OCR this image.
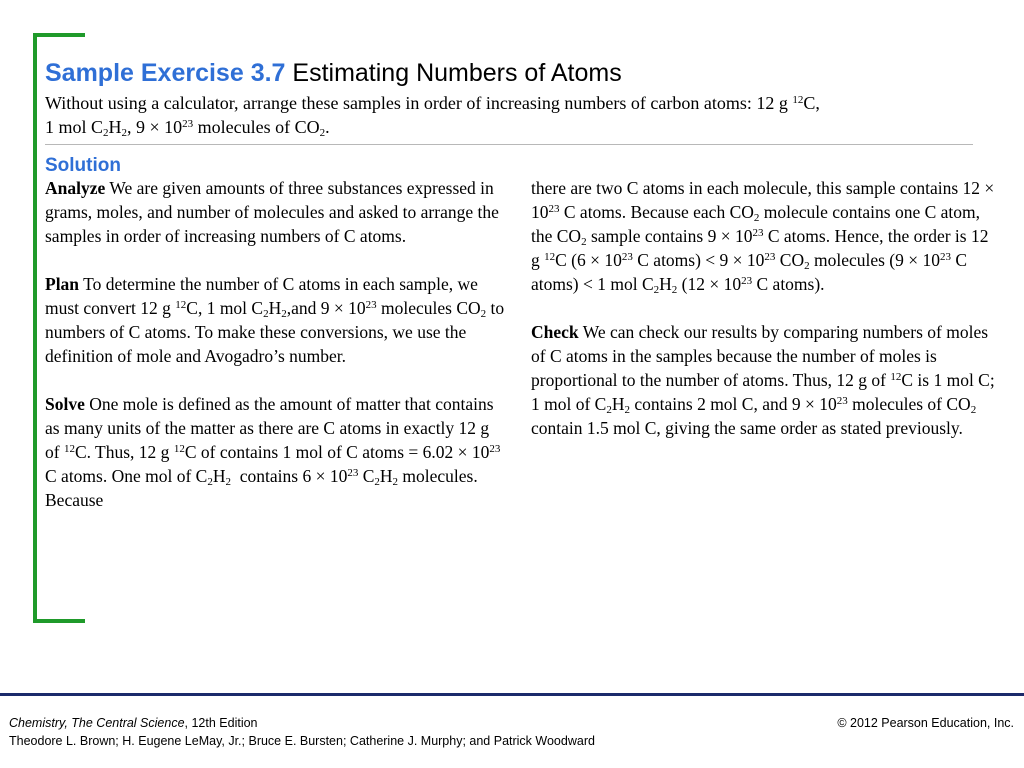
Sample Exercise 3.7 Estimating Numbers of Atoms
Without using a calculator, arrange these samples in order of increasing numbers of carbon atoms: 12 g $^{12}$C,
1 mol $C_2H_2$, $9 \times 10^{23}$ molecules of $CO_2$.
Solution

Analyze We are given amounts of three substances expressed in grams, moles, and number of molecules and asked to arrange the samples in order of increasing numbers of C atoms.

Plan To determine the number of C atoms in each sample, we must convert 12 g $^{12}$C, 1 mol $C_2H_2,and$ $9 \times 10^{23}$ molecules $CO_2$ to numbers of C atoms. To make these conversions, we use the definition of mole and Avogadro’s number.

Solve One mole is defined as the amount of matter that contains as many units of the matter as there are C atoms in exactly 12 g of $^{12}$C. Thus, 12 g $^{12}$C of contains 1 mol of C atoms = $6.02 \times 10^{23}$ C atoms. One mol of $C_2H_2$  contains $6 \times 10^{23}$ $C_2H_2$ molecules. Because

there are two C atoms in each molecule, this sample contains $12 \times 10^{23}$ C atoms. Because each $CO_2$ molecule contains one C atom, the $CO_2$ sample contains $9 \times 10^{23}$ C atoms. Hence, the order is 12 g $^{12}$C ($6 \times 10^{23}$ C atoms) < $9 \times 10^{23}$ $CO_2$ molecules ($9 \times 10^{23}$ C atoms) < 1 mol $C_2H_2$ ($12 \times 10^{23}$ C atoms).

Check We can check our results by comparing numbers of moles of C atoms in the samples because the number of moles is proportional to the number of atoms. Thus, 12 g of $^{12}$C is 1 mol C; 1 mol of $C_2H_2$ contains 2 mol C, and $9 \times 10^{23}$ molecules of $CO_2$ contain 1.5 mol C, giving the same order as stated previously.

Chemistry, The Central Science, 12th Edition
Theodore L. Brown; H. Eugene LeMay, Jr.; Bruce E. Bursten; Catherine J. Murphy; and Patrick Woodward
© 2012 Pearson Education, Inc.
